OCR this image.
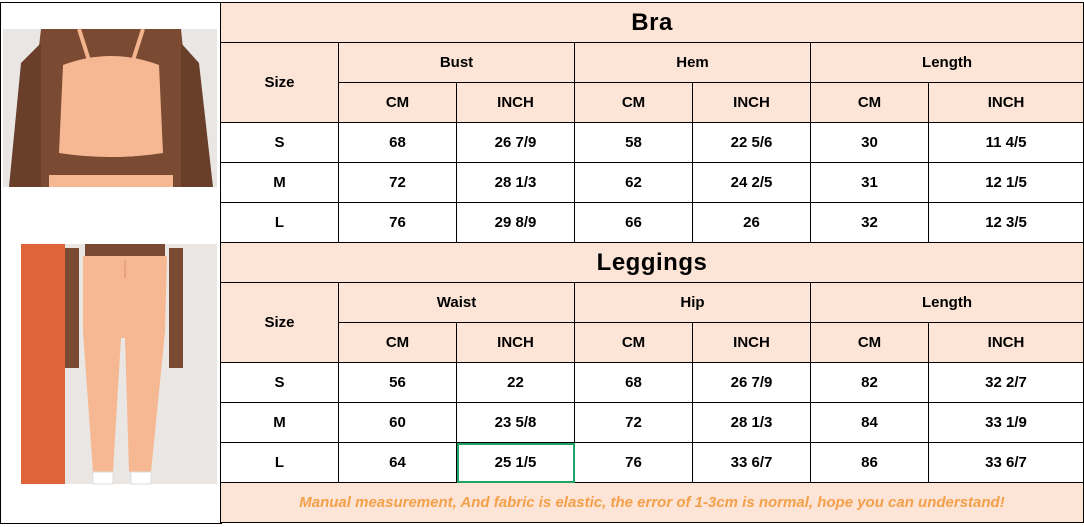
Bra						
Size	Bust		Hem		Length	
	CM	INCH	CM	INCH	CM	INCH
S	68	26 7/9	58	22 5/6	30	11 4/5
M	72	28 1/3	62	24 2/5	31	12 1/5
L	76	29 8/9	66	26	32	12 3/5
Leggings						
Size	Waist		Hip		Length	
	CM	INCH	CM	INCH	CM	INCH
S	56	22	68	26 7/9	82	32 2/7
M	60	23 5/8	72	28 1/3	84	33 1/9
L	64	25 1/5	76	33 6/7	86	33 6/7
Manual measurement, And fabric is elastic, the error of 1-3cm is normal, hope you can understand!						
